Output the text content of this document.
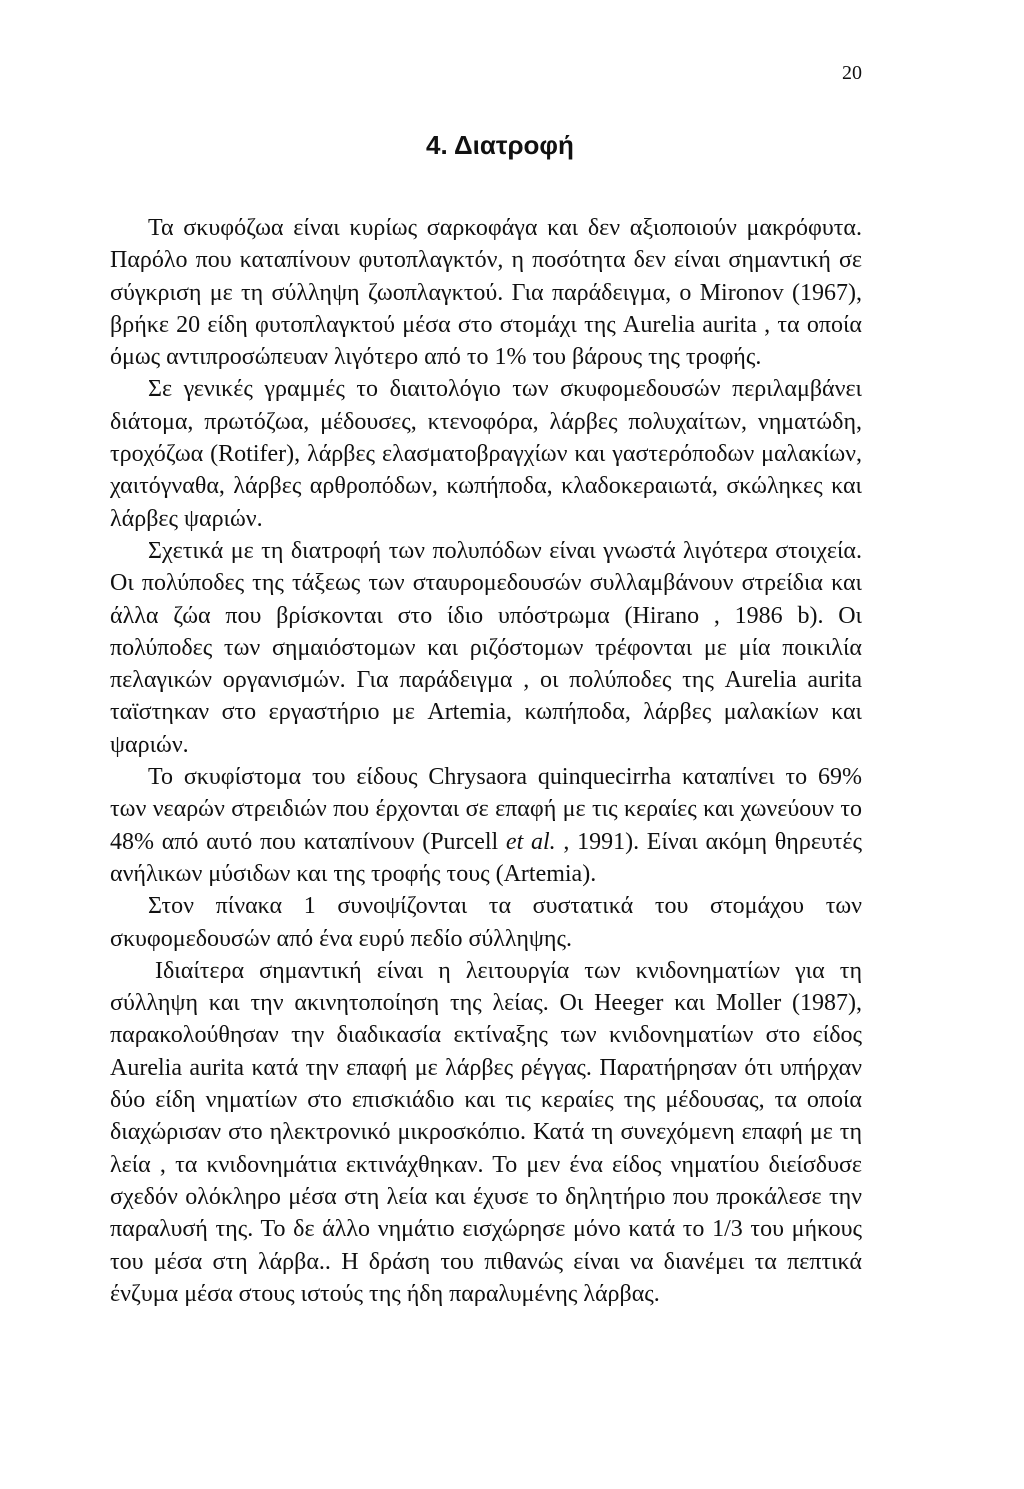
20
4. Διατροφή

Τα σκυφόζωα είναι κυρίως σαρκοφάγα και δεν αξιοποιούν μακρόφυτα. Παρόλο που καταπίνουν φυτοπλαγκτόν, η ποσότητα δεν είναι σημαντική σε σύγκριση με τη σύλληψη ζωοπλαγκτού. Για παράδειγμα, ο Mironov (1967), βρήκε 20 είδη φυτοπλαγκτού μέσα στο στομάχι της Aurelia aurita , τα οποία όμως αντιπροσώπευαν λιγότερο από το 1% του βάρους της τροφής.

Σε γενικές γραμμές το διαιτολόγιο των σκυφομεδουσών περιλαμβάνει διάτομα, πρωτόζωα, μέδουσες, κτενοφόρα, λάρβες πολυχαίτων, νηματώδη, τροχόζωα (Rotifer), λάρβες ελασματοβραγχίων και γαστερόποδων μαλακίων, χαιτόγναθα, λάρβες αρθροπόδων, κωπήποδα, κλαδοκεραιωτά, σκώληκες και λάρβες ψαριών.

Σχετικά με τη διατροφή των πολυπόδων είναι γνωστά λιγότερα στοιχεία. Οι πολύποδες της τάξεως των σταυρομεδουσών συλλαμβάνουν στρείδια και άλλα ζώα που βρίσκονται στο ίδιο υπόστρωμα (Hirano , 1986 b). Οι πολύποδες των σημαιόστομων και ριζόστομων τρέφονται με μία ποικιλία πελαγικών οργανισμών. Για παράδειγμα , οι πολύποδες της Aurelia aurita ταϊστηκαν στο εργαστήριο με Artemia, κωπήποδα, λάρβες μαλακίων και ψαριών.

Το σκυφίστομα του είδους Chrysaora quinquecirrha καταπίνει το 69% των νεαρών στρειδιών που έρχονται σε επαφή με τις κεραίες και χωνεύουν το 48% από αυτό που καταπίνουν (Purcell et al. , 1991). Είναι ακόμη θηρευτές ανήλικων μύσιδων και της τροφής τους (Artemia).

Στον πίνακα 1 συνοψίζονται τα συστατικά του στομάχου των σκυφομεδουσών από ένα ευρύ πεδίο σύλληψης.

Ιδιαίτερα σημαντική είναι η λειτουργία των κνιδονηματίων για τη σύλληψη και την ακινητοποίηση της λείας. Οι Heeger και Moller (1987), παρακολούθησαν την διαδικασία εκτίναξης των κνιδονηματίων στο είδος Aurelia aurita κατά την επαφή με λάρβες ρέγγας. Παρατήρησαν ότι υπήρχαν δύο είδη νηματίων στο επισκιάδιο και τις κεραίες της μέδουσας, τα οποία διαχώρισαν στο ηλεκτρονικό μικροσκόπιο. Κατά τη συνεχόμενη επαφή με τη λεία , τα κνιδονημάτια εκτινάχθηκαν. Το μεν ένα είδος νηματίου διείσδυσε σχεδόν ολόκληρο μέσα στη λεία και έχυσε το δηλητήριο που προκάλεσε την παραλυσή της. Το δε άλλο νημάτιο εισχώρησε μόνο κατά το 1/3 του μήκους του μέσα στη λάρβα.. Η δράση του πιθανώς είναι να διανέμει τα πεπτικά ένζυμα μέσα στους ιστούς της ήδη παραλυμένης λάρβας.
